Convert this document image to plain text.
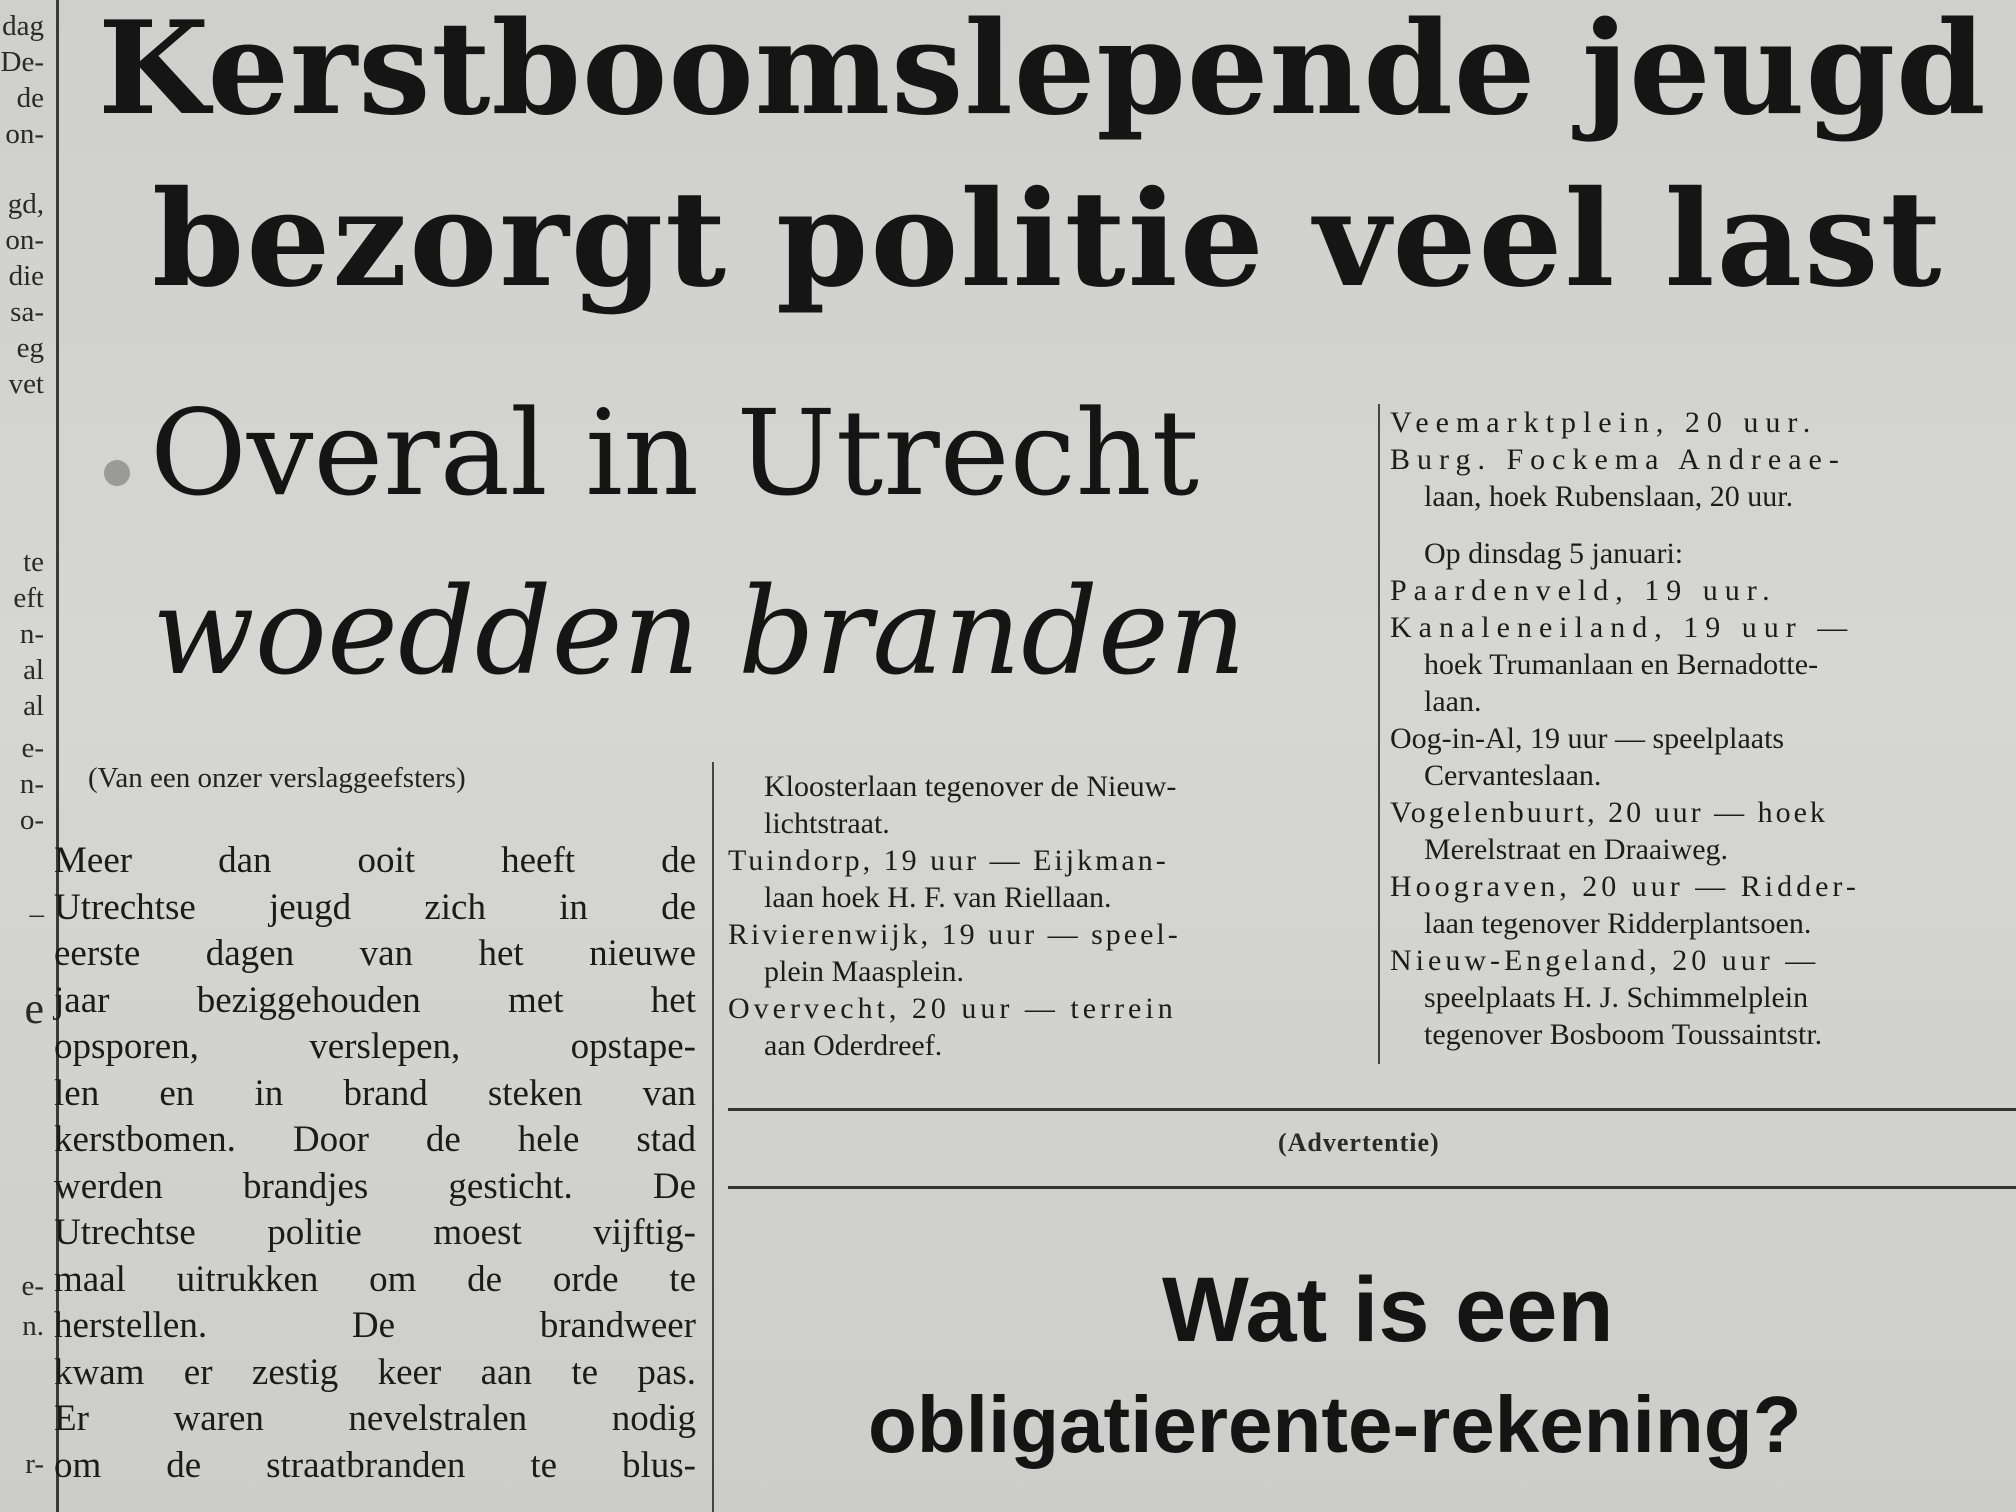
dag
De-
de
on-
gd,
on-
die
sa-
eg
vet
te
eft
n-
al
al
e-
n-
o-
–
e
e-
n.
r-
Kerstboomslepende jeugd
bezorgt politie veel last
Overal in Utrecht
woedden branden
Veemarktplein, 20 uur.
Burg. Fockema Andreae-
laan, hoek Rubenslaan, 20 uur.
Op dinsdag 5 januari:
Paardenveld, 19 uur.
Kanaleneiland, 19 uur —
hoek Trumanlaan en Bernadotte-
laan.
Oog-in-Al, 19 uur — speelplaats
Cervanteslaan.
Vogelenbuurt, 20 uur — hoek
Merelstraat en Draaiweg.
Hoograven, 20 uur — Ridder-
laan tegenover Ridderplantsoen.
Nieuw-Engeland, 20 uur —
speelplaats H. J. Schimmelplein
tegenover Bosboom Toussaintstr.
(Van een onzer verslaggeefsters)
Meer dan ooit heeft de
Utrechtse jeugd zich in de
eerste dagen van het nieuwe
jaar beziggehouden met het
opsporen, verslepen, opstape-
len en in brand steken van
kerstbomen. Door de hele stad
werden brandjes gesticht. De
Utrechtse politie moest vijftig-
maal uitrukken om de orde te
herstellen. De brandweer
kwam er zestig keer aan te pas.
Er waren nevelstralen nodig
om de straatbranden te blus-
Kloosterlaan tegenover de Nieuw-
lichtstraat.
Tuindorp, 19 uur — Eijkman-
laan hoek H. F. van Riellaan.
Rivierenwijk, 19 uur — speel-
plein Maasplein.
Overvecht, 20 uur — terrein
aan Oderdreef.
(Advertentie)
Wat is een
obligatierente-rekening?
